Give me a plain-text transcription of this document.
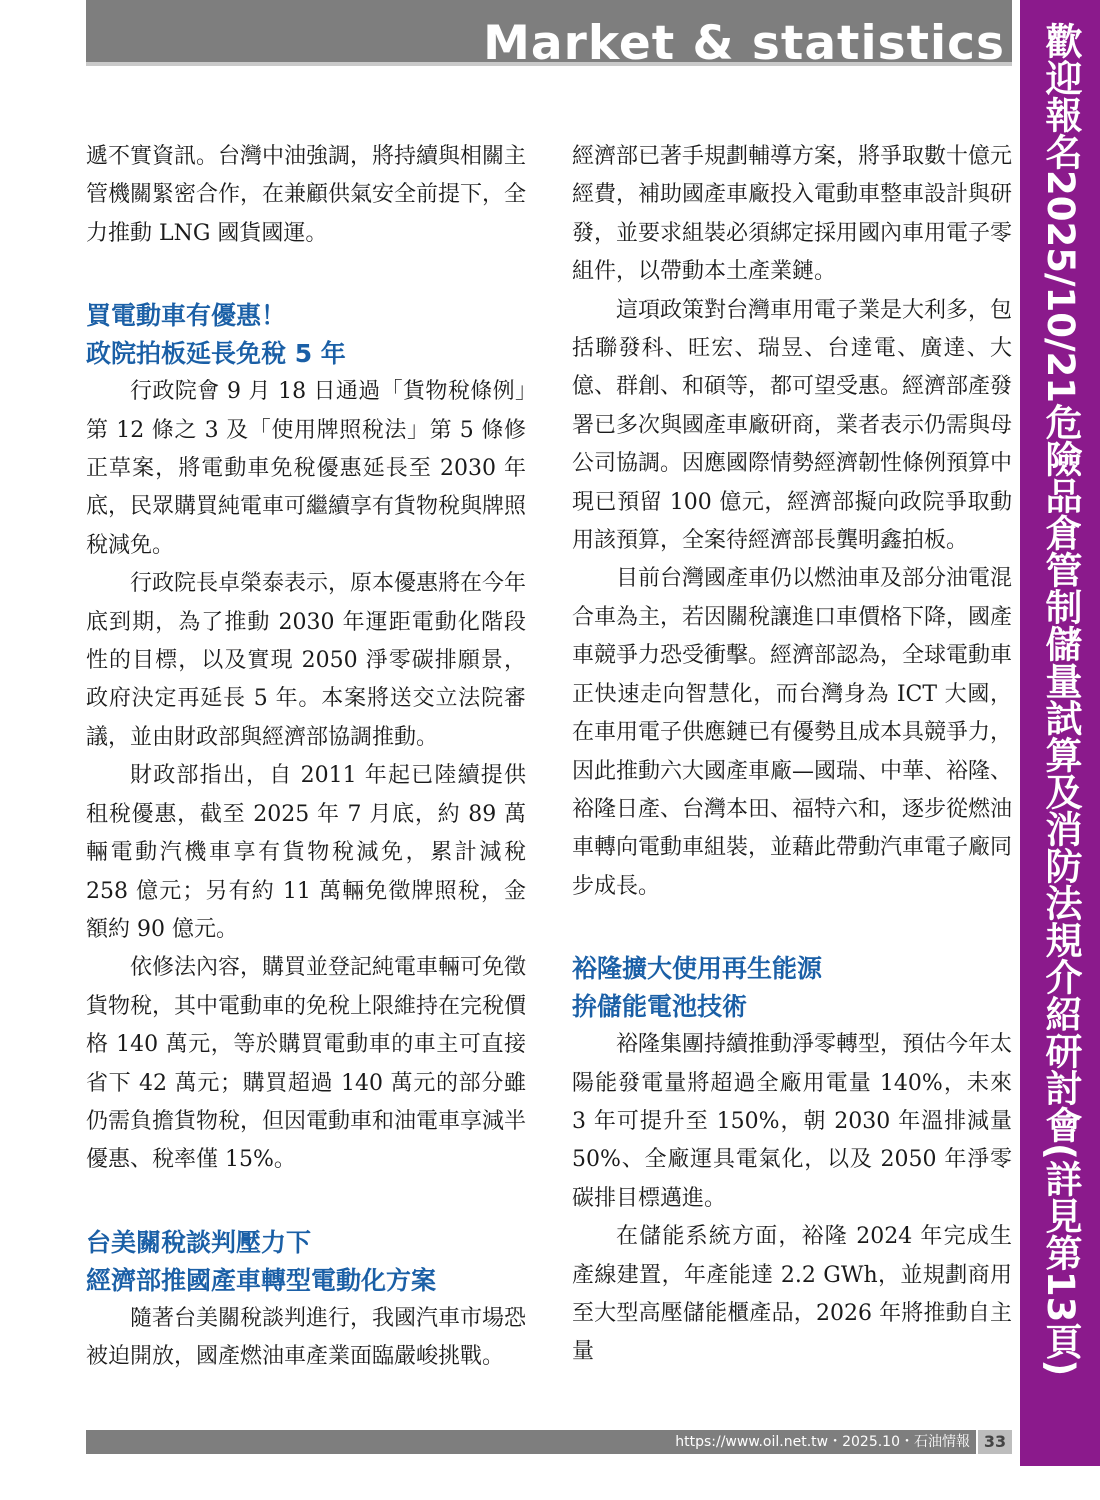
Market & statistics 歡迎報名2025/10/21危險品倉管制儲量試算及消防法規介紹研討會(詳見第13頁)

遞不實資訊。台灣中油強調，將持續與相關主管機關緊密合作，在兼顧供氣安全前提下，全力推動 LNG 國貨國運。

買電動車有優惠！
政院拍板延長免稅 5 年

行政院會 9 月 18 日通過「貨物稅條例」第 12 條之 3 及「使用牌照稅法」第 5 條修正草案，將電動車免稅優惠延長至 2030 年底，民眾購買純電車可繼續享有貨物稅與牌照稅減免。

行政院長卓榮泰表示，原本優惠將在今年底到期，為了推動 2030 年運距電動化階段性的目標，以及實現 2050 淨零碳排願景，政府決定再延長 5 年。本案將送交立法院審議，並由財政部與經濟部協調推動。

財政部指出，自 2011 年起已陸續提供租稅優惠，截至 2025 年 7 月底，約 89 萬輛電動汽機車享有貨物稅減免，累計減稅 258 億元；另有約 11 萬輛免徵牌照稅，金額約 90 億元。

依修法內容，購買並登記純電車輛可免徵貨物稅，其中電動車的免稅上限維持在完稅價格 140 萬元，等於購買電動車的車主可直接省下 42 萬元；購買超過 140 萬元的部分雖仍需負擔貨物稅，但因電動車和油電車享減半優惠、稅率僅 15%。

台美關稅談判壓力下
經濟部推國產車轉型電動化方案

隨著台美關稅談判進行，我國汽車市場恐被迫開放，國產燃油車產業面臨嚴峻挑戰。

經濟部已著手規劃輔導方案，將爭取數十億元經費，補助國產車廠投入電動車整車設計與研發，並要求組裝必須綁定採用國內車用電子零組件，以帶動本土產業鏈。

這項政策對台灣車用電子業是大利多，包括聯發科、旺宏、瑞昱、台達電、廣達、大億、群創、和碩等，都可望受惠。經濟部產發署已多次與國產車廠研商，業者表示仍需與母公司協調。因應國際情勢經濟韌性條例預算中現已預留 100 億元，經濟部擬向政院爭取動用該預算，全案待經濟部長龔明鑫拍板。

目前台灣國產車仍以燃油車及部分油電混合車為主，若因關稅讓進口車價格下降，國產車競爭力恐受衝擊。經濟部認為，全球電動車正快速走向智慧化，而台灣身為 ICT 大國，在車用電子供應鏈已有優勢且成本具競爭力，因此推動六大國產車廠—國瑞、中華、裕隆、裕隆日產、台灣本田、福特六和，逐步從燃油車轉向電動車組裝，並藉此帶動汽車電子廠同步成長。

裕隆擴大使用再生能源
拚儲能電池技術

裕隆集團持續推動淨零轉型，預估今年太陽能發電量將超過全廠用電量 140%，未來 3 年可提升至 150%，朝 2030 年溫排減量 50%、全廠運具電氣化，以及 2050 年淨零碳排目標邁進。

在儲能系統方面，裕隆 2024 年完成生產線建置，年產能達 2.2 GWh，並規劃商用至大型高壓儲能櫃產品，2026 年將推動自主量

https://www.oil.net.tw・2025.10・石油情報 33
